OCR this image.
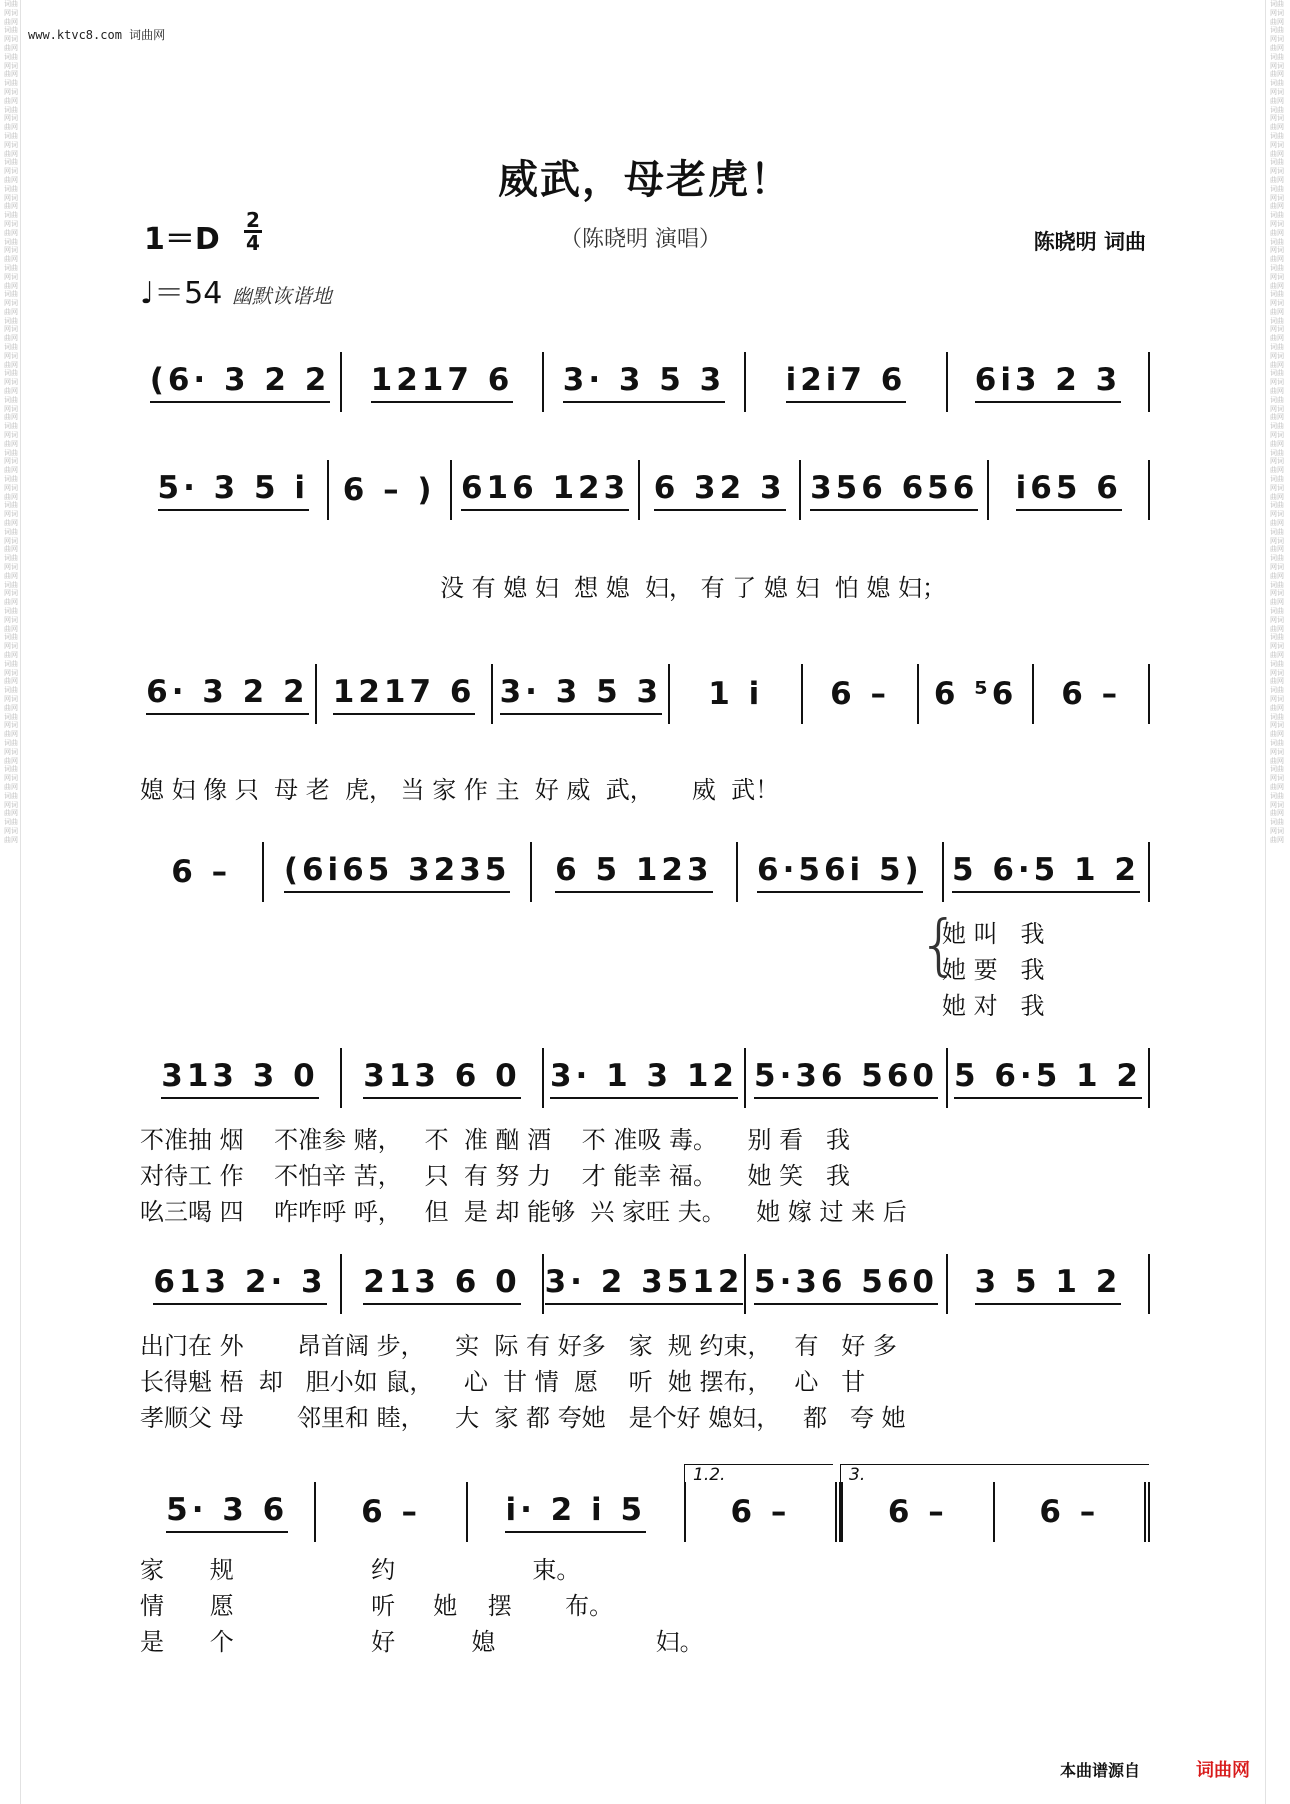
词曲网词曲网词曲网词曲网词曲网词曲网词曲网词曲网词曲网词曲网词曲网词曲网词曲网词曲网词曲网词曲网词曲网词曲网词曲网词曲网词曲网词曲网词曲网词曲网词曲网词曲网词曲网词曲网词曲网词曲网词曲网词曲网词曲网词曲网词曲网词曲网词曲网词曲网词曲网词曲网词曲网词曲网词曲网词曲网词曲网词曲网词曲网词曲网词曲网词曲网词曲网词曲网词曲网词曲网词曲网词曲网词曲网词曲网词曲网词曲网词曲网词曲网词曲网词曲网
词曲网词曲网词曲网词曲网词曲网词曲网词曲网词曲网词曲网词曲网词曲网词曲网词曲网词曲网词曲网词曲网词曲网词曲网词曲网词曲网词曲网词曲网词曲网词曲网词曲网词曲网词曲网词曲网词曲网词曲网词曲网词曲网词曲网词曲网词曲网词曲网词曲网词曲网词曲网词曲网词曲网词曲网词曲网词曲网词曲网词曲网词曲网词曲网词曲网词曲网词曲网词曲网词曲网词曲网词曲网词曲网词曲网词曲网词曲网词曲网词曲网词曲网词曲网词曲网
www.ktvc8.com 词曲网
威武，母老虎！
1＝D
2
4
♩＝54 幽默诙谐地
（陈晓明 演唱）	陈晓明 词曲
(6· 3 2 2 1217 6 3· 3 5 3 i2i7 6 6i3 2 3
5· 3 5 i 6 – ) 616 123 6 32 3 356 656 i65 6
没 有 媳 妇  想 媳  妇， 有 了 媳 妇  怕 媳 妇；
6· 3 2 2 1217 6 3· 3 5 3 1 i 6 – 6 ⁵6 6 –
媳 妇 像 只  母 老  虎， 当 家 作 主  好 威  武，     威  武！
6 – (6i65 3235 6 5 123 6·56i 5) 5 6·5 1 2
{
她 叫   我
她 要   我
她 对   我
313 3 0 313 6 0 3· 1 3 12 5·36 560 5 6·5 1 2
不准抽 烟    不准参 赌，   不  准 酗 酒    不 准吸 毒。    别 看   我
对待工 作    不怕辛 苦，   只  有 努 力    才 能幸 福。    她 笑   我
吆三喝 四    咋咋呼 呼，   但  是 却 能够  兴 家旺 夫。    她 嫁 过 来 后
613 2· 3 213 6 0 3· 2 3512 5·36 560 3 5 1 2
出门在 外       昂首阔 步，    实  际 有 好多   家  规 约束，   有   好 多
长得魁 梧  却   胆小如 鼠，    心  甘 情  愿    听  她 摆布，   心   甘
孝顺父 母       邻里和 睦，    大  家 都 夸她   是个好 媳妇，   都   夸 她
1.2.	3.
5· 3 6 6 –	i· 2 i 5	6 –	6 –	6 –
家      规                  约                  束。
情      愿                  听     她    摆       布。
是      个                  好          媳                     妇。
本曲谱源自	词曲网
